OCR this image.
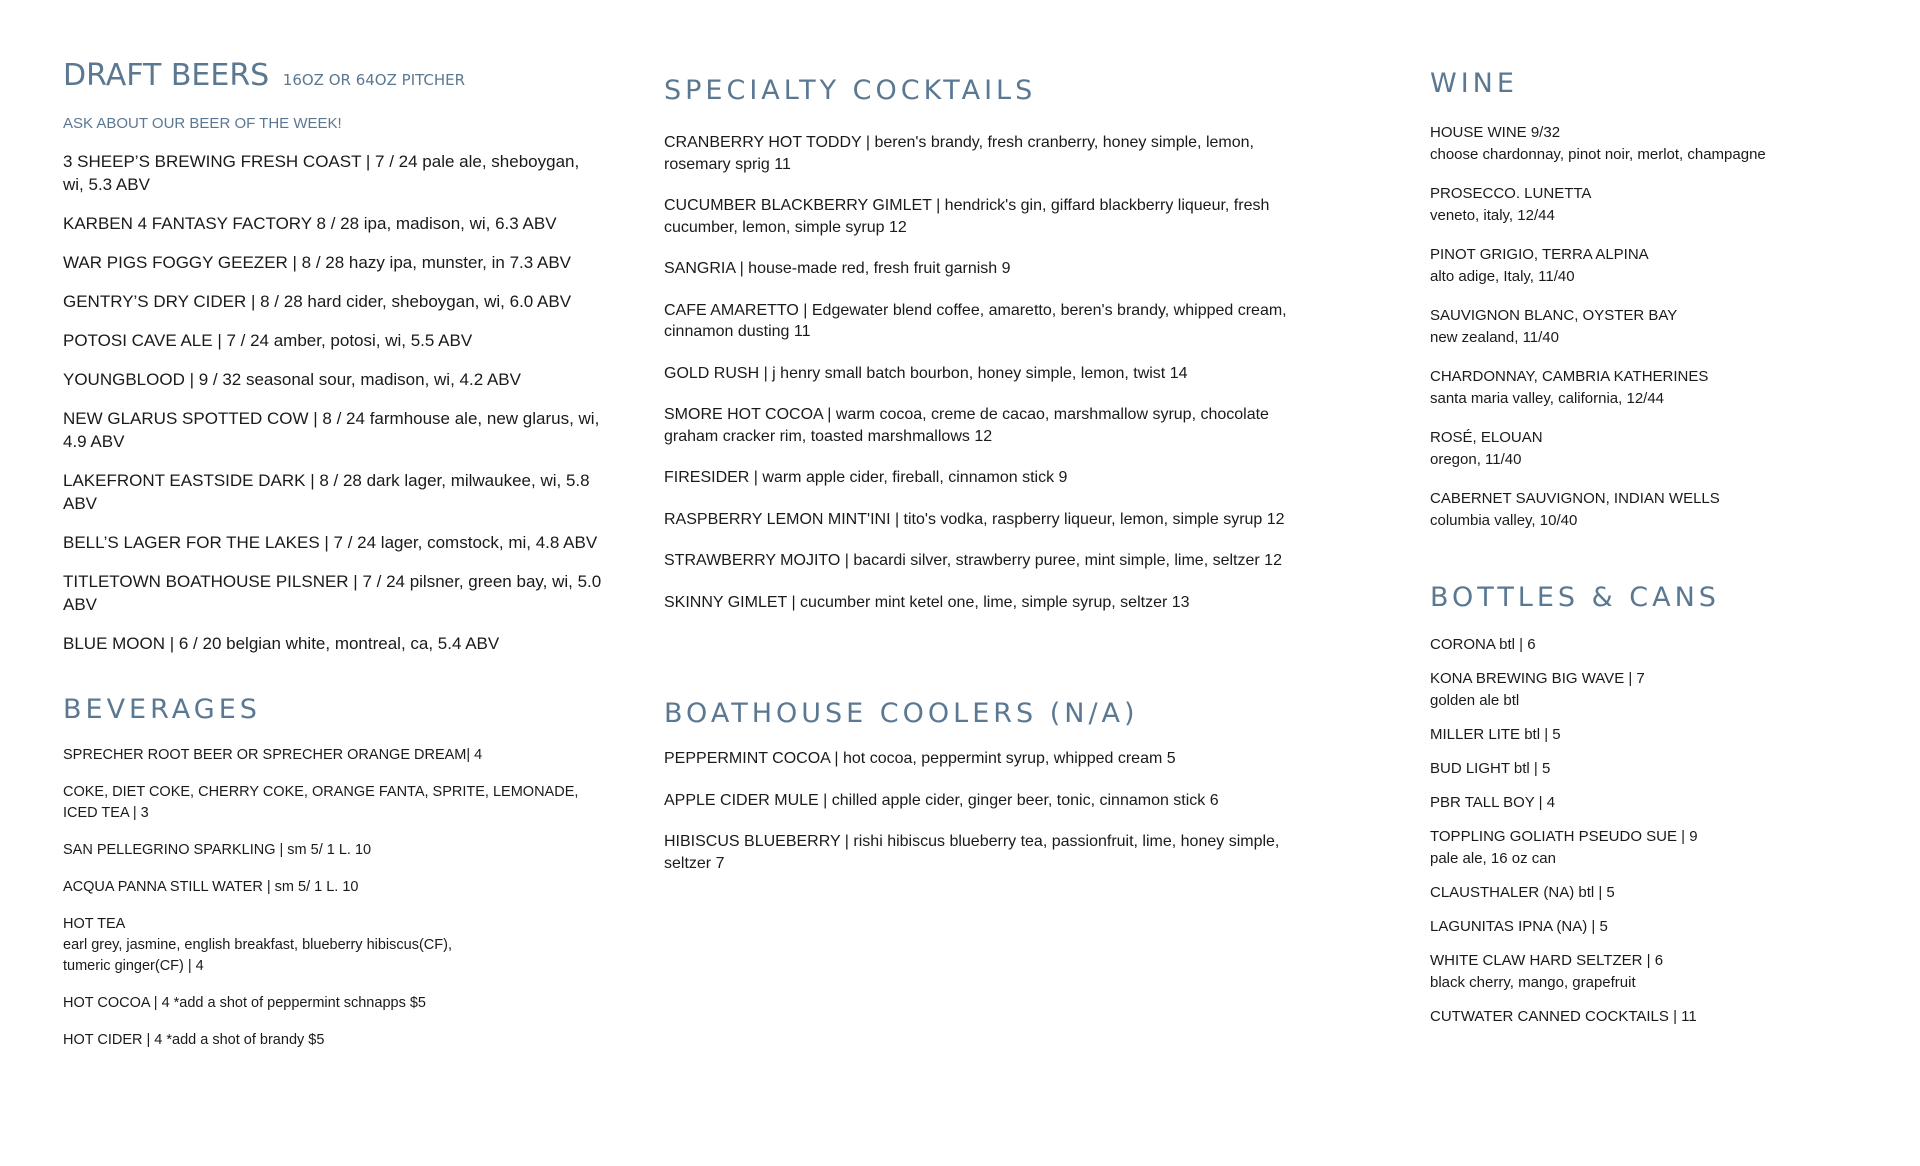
DRAFT BEERS 16OZ OR 64OZ PITCHER
ASK ABOUT OUR BEER OF THE WEEK!
3 SHEEP’S BREWING FRESH COAST | 7 / 24 pale ale, sheboygan, wi, 5.3 ABV
KARBEN 4 FANTASY FACTORY 8 / 28 ipa, madison, wi, 6.3 ABV
WAR PIGS FOGGY GEEZER | 8 / 28 hazy ipa, munster, in 7.3 ABV
GENTRY’S DRY CIDER | 8 / 28 hard cider, sheboygan, wi, 6.0 ABV
POTOSI CAVE ALE | 7 / 24 amber, potosi, wi, 5.5 ABV
YOUNGBLOOD | 9 / 32 seasonal sour, madison, wi, 4.2 ABV
NEW GLARUS SPOTTED COW | 8 / 24 farmhouse ale, new glarus, wi, 4.9 ABV
LAKEFRONT EASTSIDE DARK | 8 / 28 dark lager, milwaukee, wi, 5.8 ABV
BELL’S LAGER FOR THE LAKES | 7 / 24 lager, comstock, mi, 4.8 ABV
TITLETOWN BOATHOUSE PILSNER | 7 / 24 pilsner, green bay, wi, 5.0 ABV
BLUE MOON | 6 / 20 belgian white, montreal, ca, 5.4 ABV
BEVERAGES
SPRECHER ROOT BEER OR SPRECHER ORANGE DREAM| 4
COKE, DIET COKE, CHERRY COKE, ORANGE FANTA, SPRITE, LEMONADE,
ICED TEA | 3
SAN PELLEGRINO SPARKLING | sm 5/ 1 L. 10
ACQUA PANNA STILL WATER | sm 5/ 1 L. 10
HOT TEA
earl grey, jasmine, english breakfast, blueberry hibiscus(CF),
tumeric ginger(CF) | 4
HOT COCOA | 4 *add a shot of peppermint schnapps $5
HOT CIDER | 4 *add a shot of brandy $5
SPECIALTY COCKTAILS
CRANBERRY HOT TODDY | beren's brandy, fresh cranberry, honey simple, lemon, rosemary sprig 11
CUCUMBER BLACKBERRY GIMLET | hendrick's gin, giffard blackberry liqueur, fresh cucumber, lemon, simple syrup 12
SANGRIA | house-made red, fresh fruit garnish 9
CAFE AMARETTO | Edgewater blend coffee, amaretto, beren's brandy, whipped cream, cinnamon dusting 11
GOLD RUSH | j henry small batch bourbon, honey simple, lemon, twist 14
SMORE HOT COCOA | warm cocoa, creme de cacao, marshmallow syrup, chocolate graham cracker rim, toasted marshmallows 12
FIRESIDER | warm apple cider, fireball, cinnamon stick 9
RASPBERRY LEMON MINT'INI | tito's vodka, raspberry liqueur, lemon, simple syrup 12
STRAWBERRY MOJITO | bacardi silver, strawberry puree, mint simple, lime, seltzer 12
SKINNY GIMLET | cucumber mint ketel one, lime, simple syrup, seltzer 13
BOATHOUSE COOLERS (N/A)
PEPPERMINT COCOA | hot cocoa, peppermint syrup, whipped cream 5
APPLE CIDER MULE | chilled apple cider, ginger beer, tonic, cinnamon stick 6
HIBISCUS BLUEBERRY | rishi hibiscus blueberry tea, passionfruit, lime, honey simple, seltzer 7
WINE
HOUSE WINE 9/32
choose chardonnay, pinot noir, merlot, champagne
PROSECCO. LUNETTA
veneto, italy, 12/44
PINOT GRIGIO, TERRA ALPINA
alto adige, Italy, 11/40
SAUVIGNON BLANC, OYSTER BAY
new zealand, 11/40
CHARDONNAY, CAMBRIA KATHERINES
santa maria valley, california, 12/44
ROSÉ, ELOUAN
oregon, 11/40
CABERNET SAUVIGNON, INDIAN WELLS
columbia valley, 10/40
BOTTLES & CANS
CORONA btl | 6
KONA BREWING BIG WAVE | 7
golden ale btl
MILLER LITE btl | 5
BUD LIGHT btl | 5
PBR TALL BOY | 4
TOPPLING GOLIATH PSEUDO SUE | 9
pale ale, 16 oz can
CLAUSTHALER (NA) btl | 5
LAGUNITAS IPNA (NA) | 5
WHITE CLAW HARD SELTZER | 6
black cherry, mango, grapefruit
CUTWATER CANNED COCKTAILS | 11
